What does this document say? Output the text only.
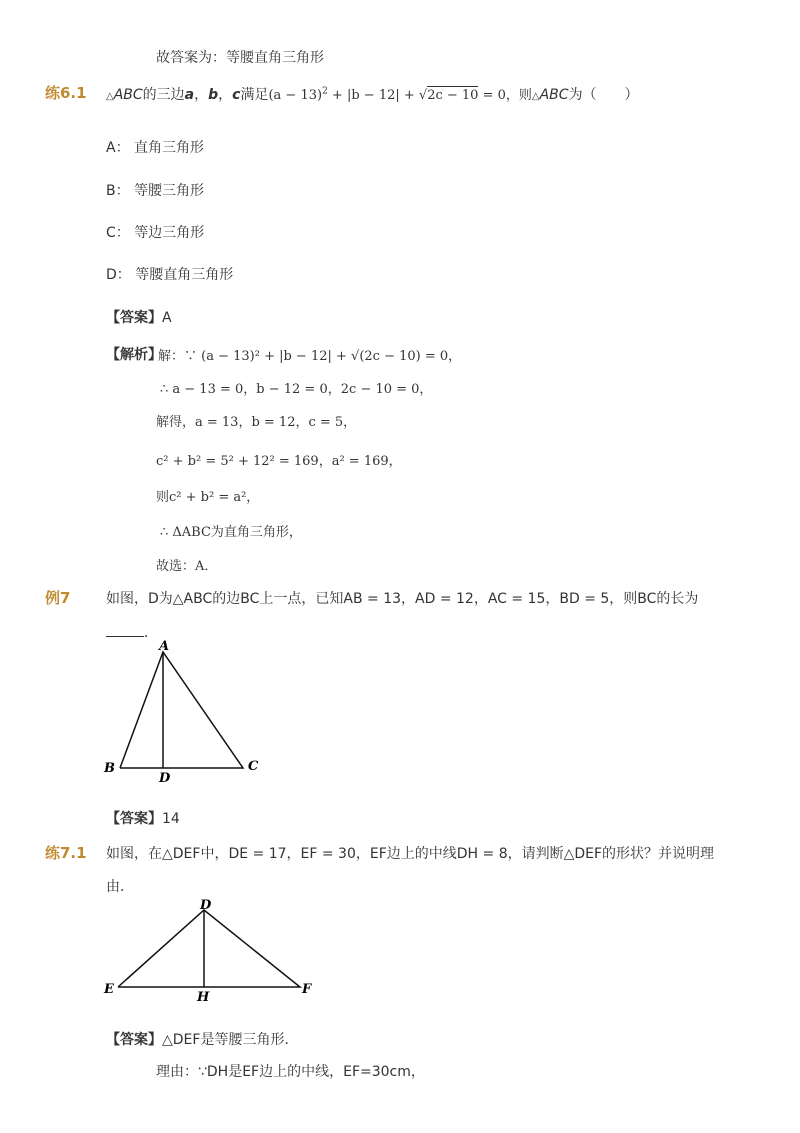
故答案为：等腰直角三角形
练6.1 △ABC的三边a，b，c满足$(a - 13)^2 + |b - 12| + √2c - 10 = 0$，则△ABC为（　　）
A： 直角三角形
B： 等腰三角形
C： 等边三角形
D： 等腰直角三角形
【答案】A
【解析】
解：∵ (a − 13)² + |b − 12| + √(2c − 10) = 0，
∴ a − 13 = 0，b − 12 = 0，2c − 10 = 0，
解得，a = 13，b = 12，c = 5，
c² + b² = 5² + 12² = 169，a² = 169，
则c² + b² = a²，
∴ ΔABC为直角三角形，
故选：A．
例7	如图，D为△ABC的边BC上一点，已知AB = 13，AD = 12，AC = 15，BD = 5，则BC的长为
．
A
B
D
C
【答案】14
练7.1 如图，在△DEF中，DE = 17，EF = 30，EF边上的中线DH = 8，请判断△DEF的形状？并说明理
由．
D
E
H
F
【答案】△DEF是等腰三角形．
理由：∵DH是EF边上的中线，EF=30cm，
